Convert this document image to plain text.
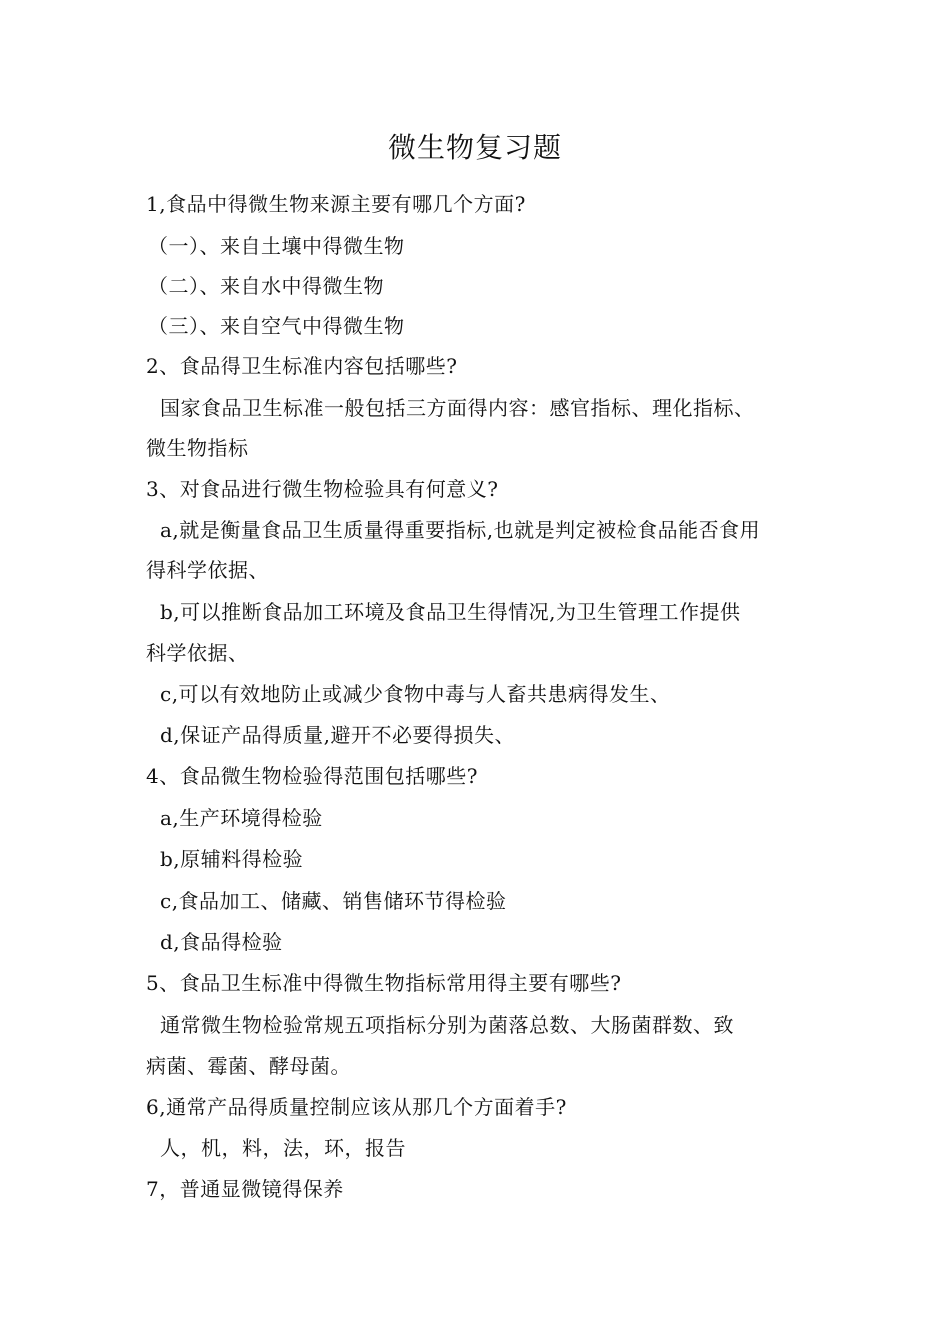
微生物复习题
1,食品中得微生物来源主要有哪几个方面?
（一）、来自土壤中得微生物
（二）、来自水中得微生物
（三）、来自空气中得微生物
2、食品得卫生标准内容包括哪些?
国家食品卫生标准一般包括三方面得内容：感官指标、理化指标、
微生物指标
3、对食品进行微生物检验具有何意义?
a,就是衡量食品卫生质量得重要指标,也就是判定被检食品能否食用
得科学依据、
b,可以推断食品加工环境及食品卫生得情况,为卫生管理工作提供
科学依据、
c,可以有效地防止或减少食物中毒与人畜共患病得发生、
d,保证产品得质量,避开不必要得损失、
4、食品微生物检验得范围包括哪些?
a,生产环境得检验
b,原辅料得检验
c,食品加工、储藏、销售储环节得检验
d,食品得检验
5、食品卫生标准中得微生物指标常用得主要有哪些?
通常微生物检验常规五项指标分别为菌落总数、大肠菌群数、致
病菌、霉菌、酵母菌。
6,通常产品得质量控制应该从那几个方面着手?
人，机，料，法，环，报告
7，普通显微镜得保养
